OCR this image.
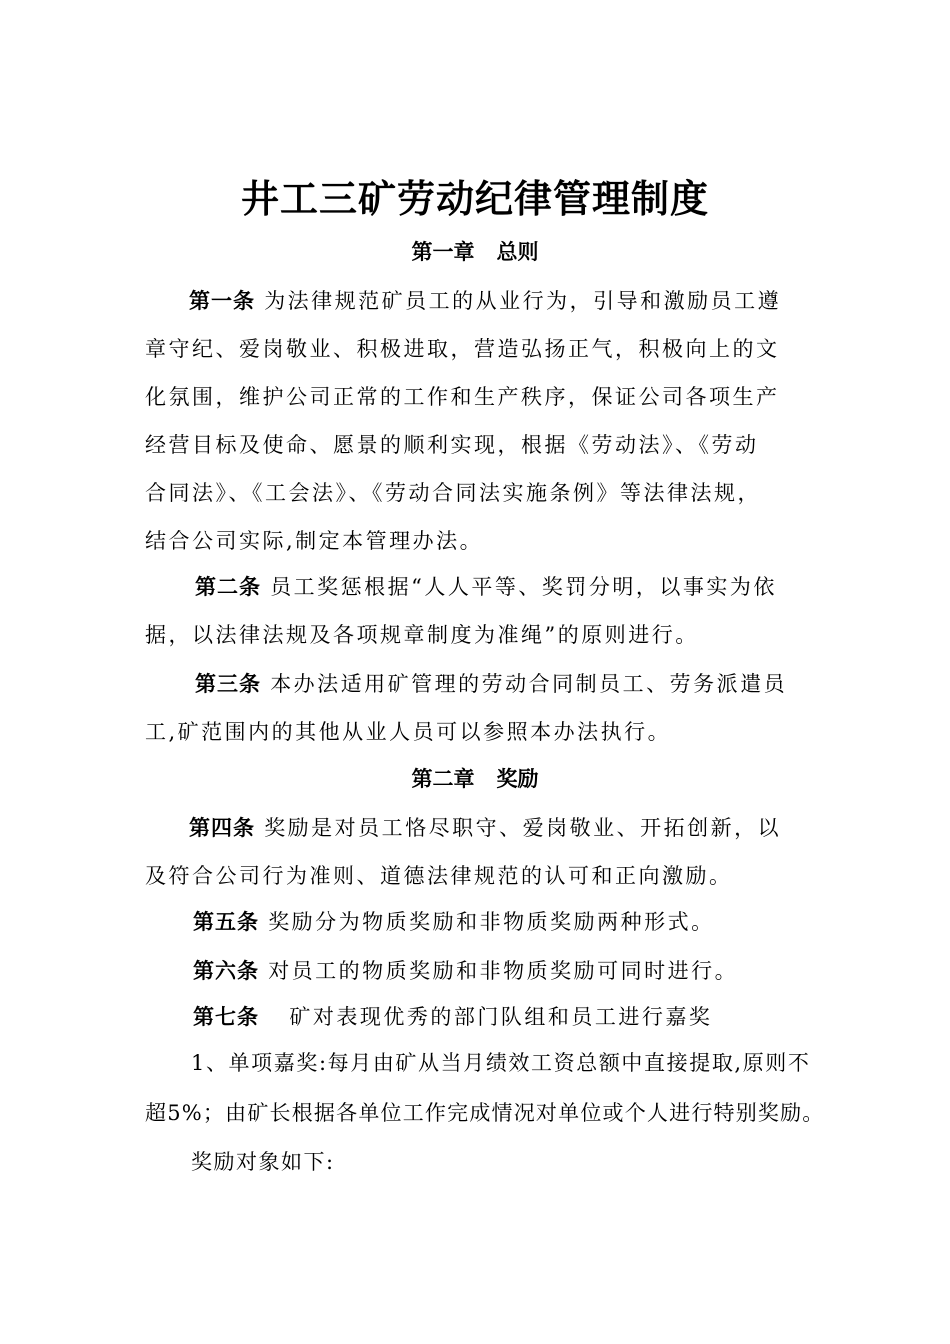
井工三矿劳动纪律管理制度
第一章 总则
第一条 为法律规范矿员工的从业行为，引导和激励员工遵
章守纪、爱岗敬业、积极进取，营造弘扬正气，积极向上的文
化氛围，维护公司正常的工作和生产秩序，保证公司各项生产
经营目标及使命、愿景的顺利实现，根据《劳动法》、《劳动
合同法》、《工会法》、《劳动合同法实施条例》等法律法规，
结合公司实际,制定本管理办法。
第二条 员工奖惩根据“人人平等、奖罚分明，以事实为依
据，以法律法规及各项规章制度为准绳”的原则进行。
第三条 本办法适用矿管理的劳动合同制员工、劳务派遣员
工,矿范围内的其他从业人员可以参照本办法执行。
第二章 奖励
第四条 奖励是对员工恪尽职守、爱岗敬业、开拓创新，以
及符合公司行为准则、道德法律规范的认可和正向激励。
第五条 奖励分为物质奖励和非物质奖励两种形式。
第六条 对员工的物质奖励和非物质奖励可同时进行。
第七条 矿对表现优秀的部门队组和员工进行嘉奖
1、单项嘉奖:每月由矿从当月绩效工资总额中直接提取,原则不
超5%；由矿长根据各单位工作完成情况对单位或个人进行特别奖励。
奖励对象如下:
